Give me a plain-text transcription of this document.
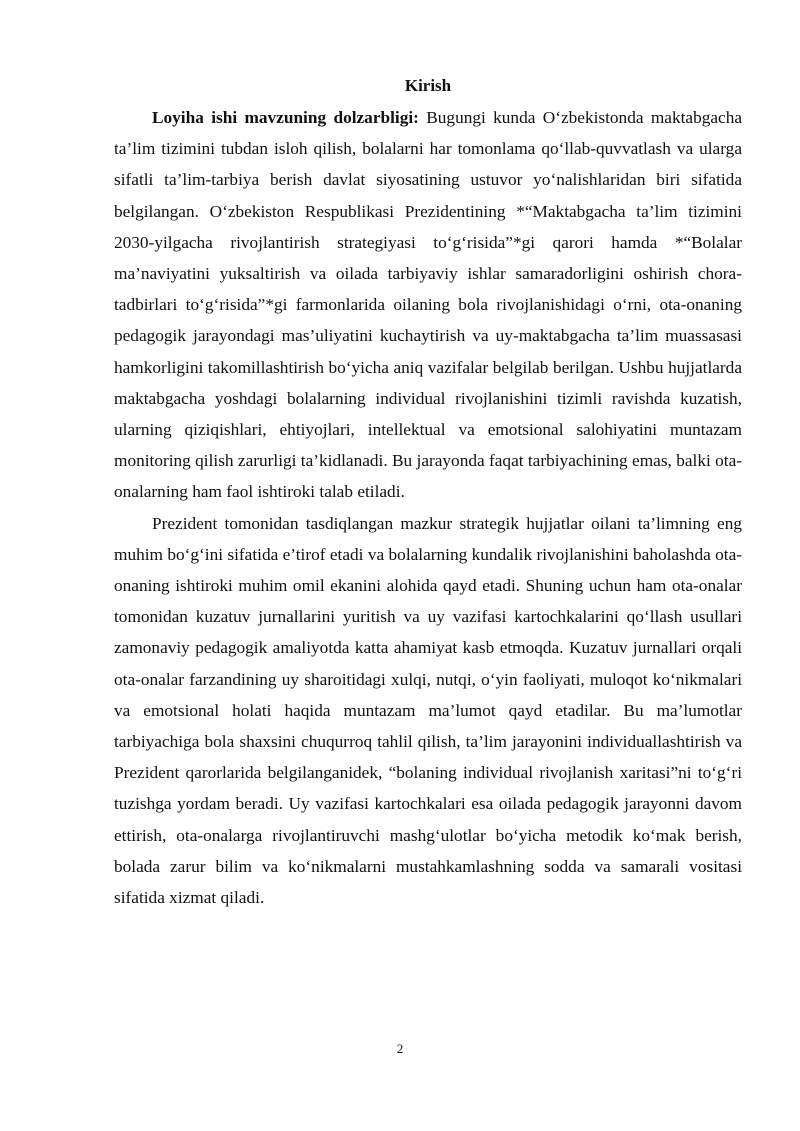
Kirish

Loyiha ishi mavzuning dolzarbligi: Bugungi kunda O‘zbekistonda maktabgacha ta’lim tizimini tubdan isloh qilish, bolalarni har tomonlama qo‘llab-quvvatlash va ularga sifatli ta’lim-tarbiya berish davlat siyosatining ustuvor yo‘nalishlaridan biri sifatida belgilangan. O‘zbekiston Respublikasi Prezidentining *“Maktabgacha ta’lim tizimini 2030-yilgacha rivojlantirish strategiyasi to‘g‘risida”*gi qarori hamda *“Bolalar ma’naviyatini yuksaltirish va oilada tarbiyaviy ishlar samaradorligini oshirish chora-tadbirlari to‘g‘risida”*gi farmonlarida oilaning bola rivojlanishidagi o‘rni, ota-onaning pedagogik jarayondagi mas’uliyatini kuchaytirish va uy-maktabgacha ta’lim muassasasi hamkorligini takomillashtirish bo‘yicha aniq vazifalar belgilab berilgan. Ushbu hujjatlarda maktabgacha yoshdagi bolalarning individual rivojlanishini tizimli ravishda kuzatish, ularning qiziqishlari, ehtiyojlari, intellektual va emotsional salohiyatini muntazam monitoring qilish zarurligi ta’kidlanadi. Bu jarayonda faqat tarbiyachining emas, balki ota-onalarning ham faol ishtiroki talab etiladi.

Prezident tomonidan tasdiqlangan mazkur strategik hujjatlar oilani ta’limning eng muhim bo‘g‘ini sifatida e’tirof etadi va bolalarning kundalik rivojlanishini baholashda ota-onaning ishtiroki muhim omil ekanini alohida qayd etadi. Shuning uchun ham ota-onalar tomonidan kuzatuv jurnallarini yuritish va uy vazifasi kartochkalarini qo‘llash usullari zamonaviy pedagogik amaliyotda katta ahamiyat kasb etmoqda. Kuzatuv jurnallari orqali ota-onalar farzandining uy sharoitidagi xulqi, nutqi, o‘yin faoliyati, muloqot ko‘nikmalari va emotsional holati haqida muntazam ma’lumot qayd etadilar. Bu ma’lumotlar tarbiyachiga bola shaxsini chuqurroq tahlil qilish, ta’lim jarayonini individuallashtirish va Prezident qarorlarida belgilanganidek, “bolaning individual rivojlanish xaritasi”ni to‘g‘ri tuzishga yordam beradi. Uy vazifasi kartochkalari esa oilada pedagogik jarayonni davom ettirish, ota-onalarga rivojlantiruvchi mashg‘ulotlar bo‘yicha metodik ko‘mak berish, bolada zarur bilim va ko‘nikmalarni mustahkamlashning sodda va samarali vositasi sifatida xizmat qiladi.

2
